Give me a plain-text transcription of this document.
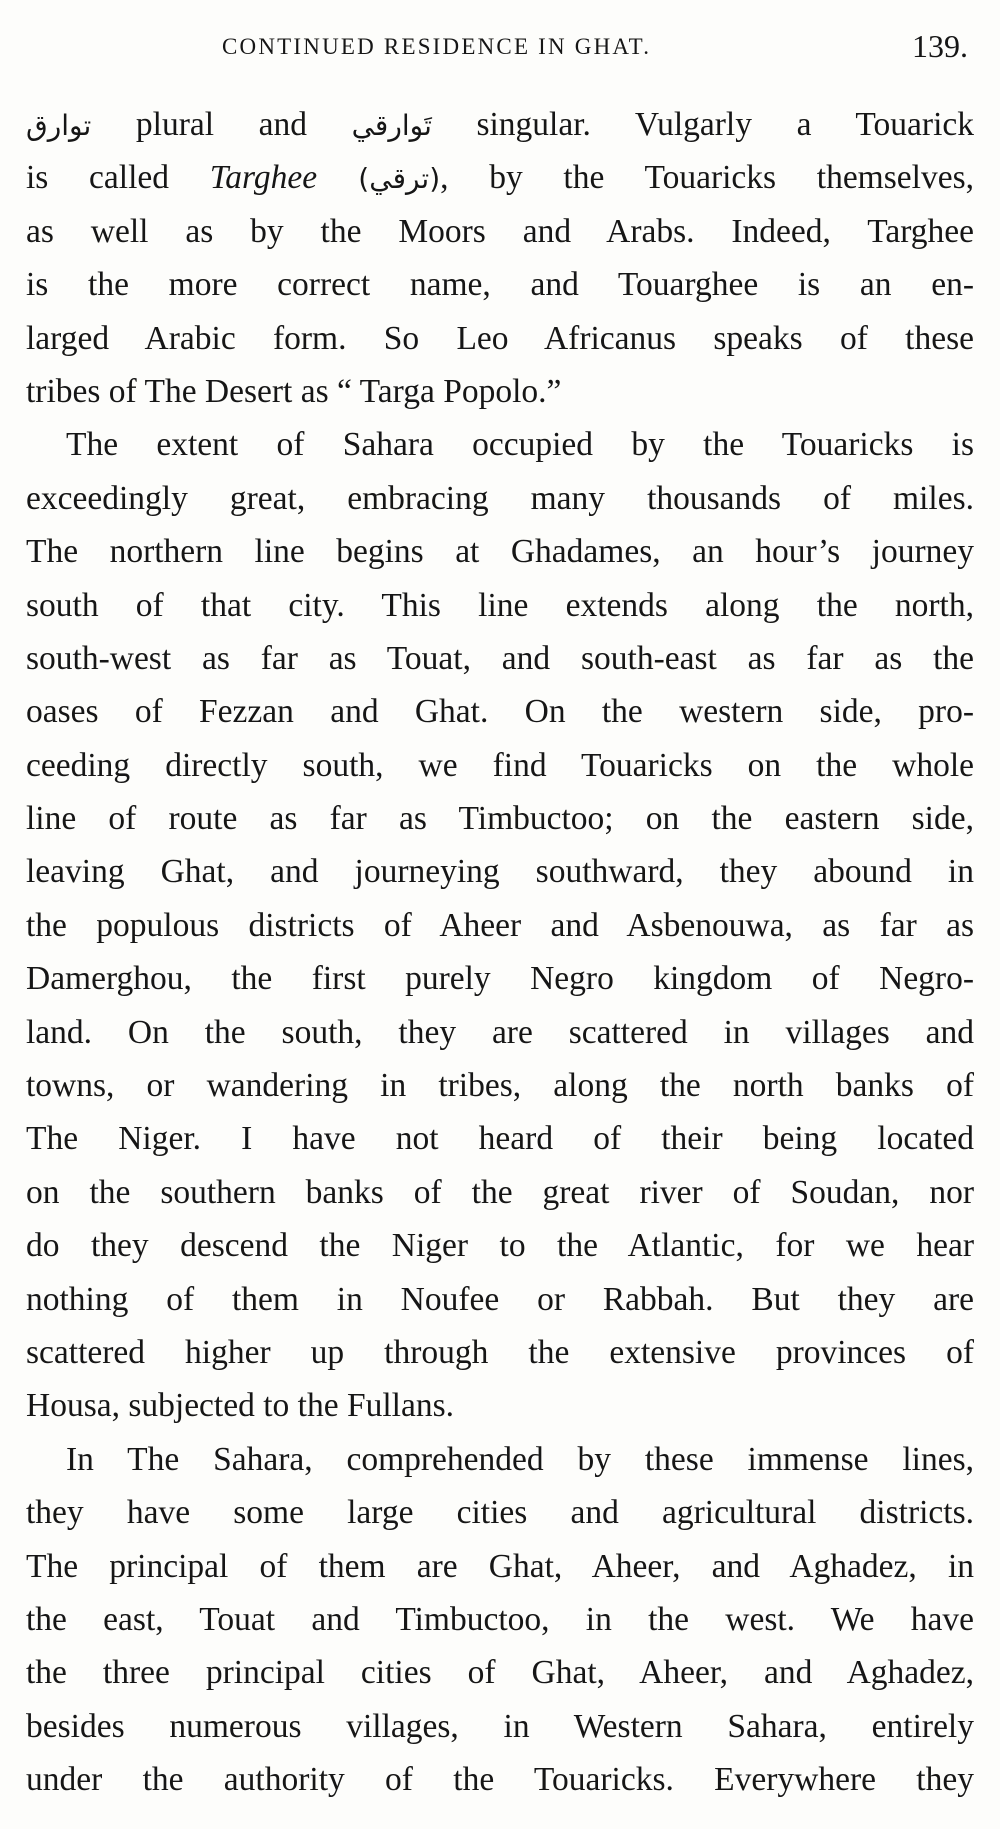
CONTINUED RESIDENCE IN GHAT.	139.
توارق plural and تَوارقي singular. Vulgarly a Touarick
is called Targhee (ترقي), by the Touaricks themselves,
as well as by the Moors and Arabs. Indeed, Targhee
is the more correct name, and Touarghee is an en-
larged Arabic form. So Leo Africanus speaks of these
tribes of The Desert as “ Targa Popolo.”
The extent of Sahara occupied by the Touaricks is
exceedingly great, embracing many thousands of miles.
The northern line begins at Ghadames, an hour’s journey
south of that city. This line extends along the north,
south-west as far as Touat, and south-east as far as the
oases of Fezzan and Ghat. On the western side, pro-
ceeding directly south, we find Touaricks on the whole
line of route as far as Timbuctoo; on the eastern side,
leaving Ghat, and journeying southward, they abound in
the populous districts of Aheer and Asbenouwa, as far as
Damerghou, the first purely Negro kingdom of Negro-
land. On the south, they are scattered in villages and
towns, or wandering in tribes, along the north banks of
The Niger. I have not heard of their being located
on the southern banks of the great river of Soudan, nor
do they descend the Niger to the Atlantic, for we hear
nothing of them in Noufee or Rabbah. But they are
scattered higher up through the extensive provinces of
Housa, subjected to the Fullans.
In The Sahara, comprehended by these immense lines,
they have some large cities and agricultural districts.
The principal of them are Ghat, Aheer, and Aghadez, in
the east, Touat and Timbuctoo, in the west. We have
the three principal cities of Ghat, Aheer, and Aghadez,
besides numerous villages, in Western Sahara, entirely
under the authority of the Touaricks. Everywhere they
